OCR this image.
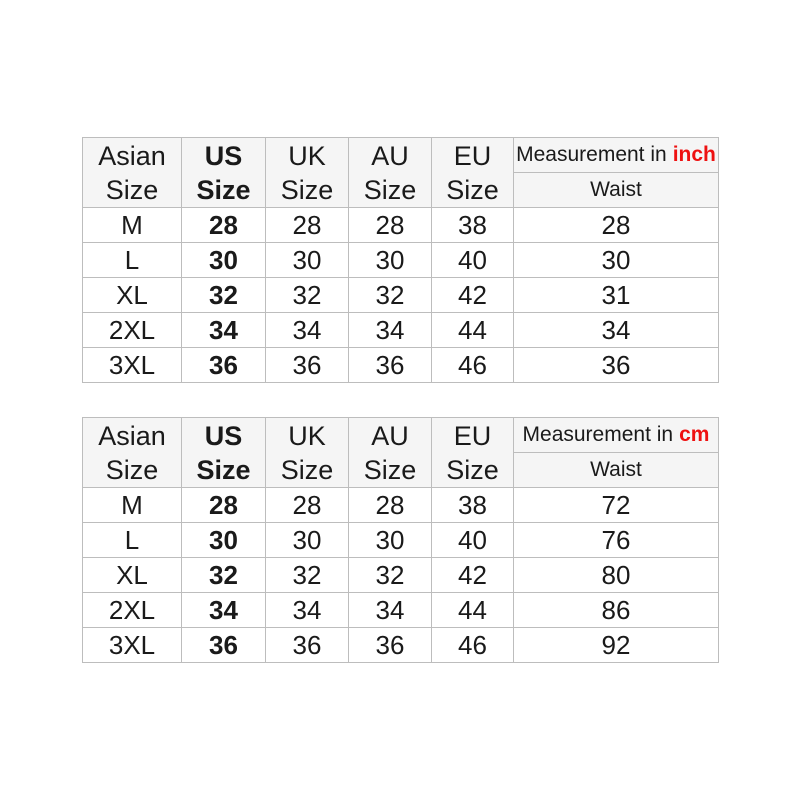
Asian Size	US Size	UK Size	AU Size	EU Size	Measurement in inch
					Waist
M	28	28	28	38	28
L	30	30	30	40	30
XL	32	32	32	42	31
2XL	34	34	34	44	34
3XL	36	36	36	46	36
Asian Size	US Size	UK Size	AU Size	EU Size	Measurement in cm
					Waist
M	28	28	28	38	72
L	30	30	30	40	76
XL	32	32	32	42	80
2XL	34	34	34	44	86
3XL	36	36	36	46	92
